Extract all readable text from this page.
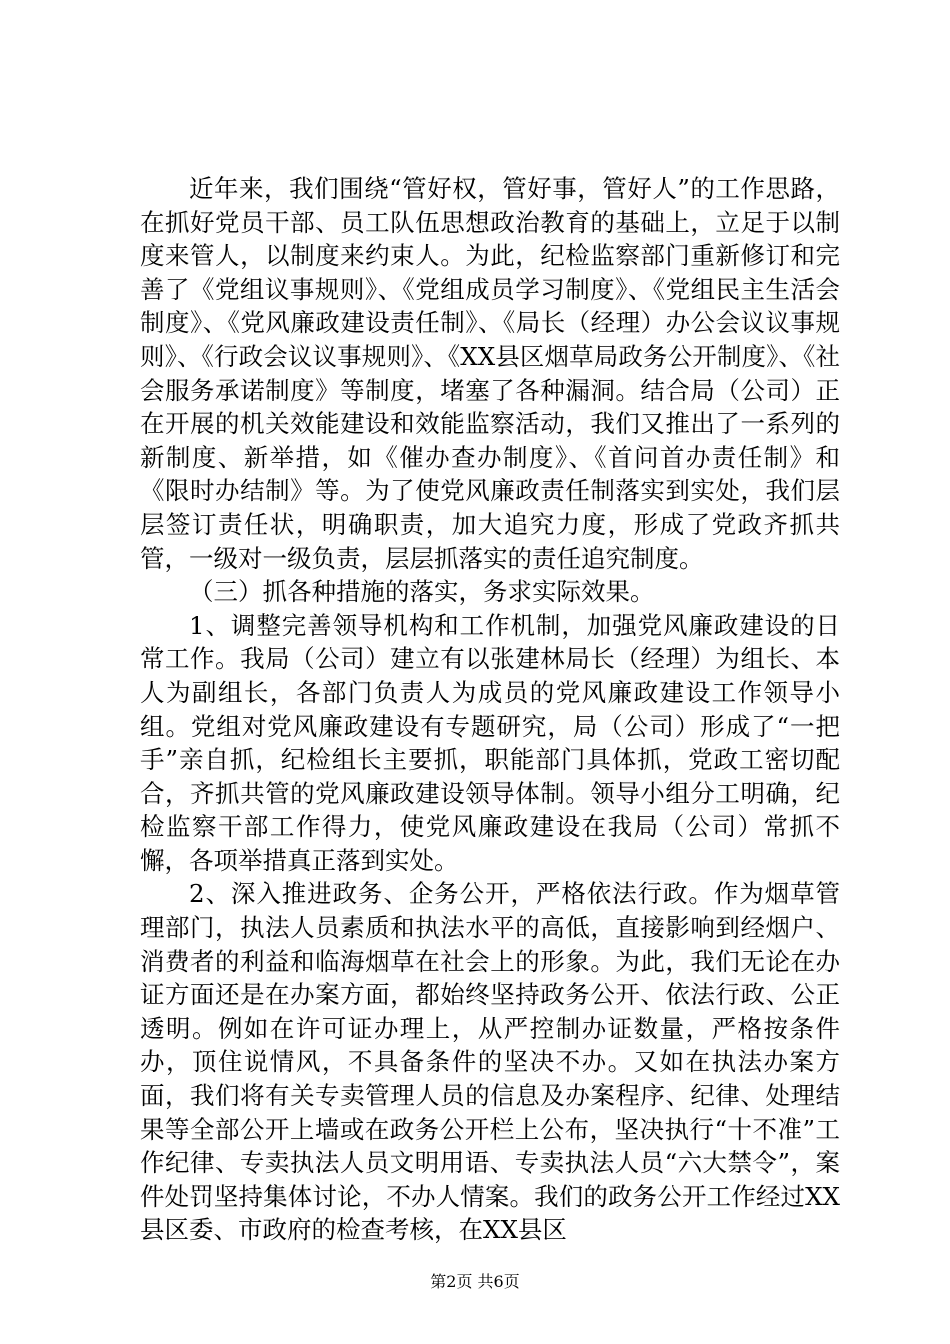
近年来，我们围绕“管好权，管好事，管好人”的工作思路，在抓好党员干部、员工队伍思想政治教育的基础上，立足于以制度来管人，以制度来约束人。为此，纪检监察部门重新修订和完善了《党组议事规则》、《党组成员学习制度》、《党组民主生活会制度》、《党风廉政建设责任制》、《局长（经理）办公会议议事规则》、《行政会议议事规则》、《XX县区烟草局政务公开制度》、《社会服务承诺制度》等制度，堵塞了各种漏洞。结合局（公司）正在开展的机关效能建设和效能监察活动，我们又推出了一系列的新制度、新举措，如《催办查办制度》、《首问首办责任制》和《限时办结制》等。为了使党风廉政责任制落实到实处，我们层层签订责任状，明确职责，加大追究力度，形成了党政齐抓共管，一级对一级负责，层层抓落实的责任追究制度。

（三）抓各种措施的落实，务求实际效果。

1、调整完善领导机构和工作机制，加强党风廉政建设的日常工作。我局（公司）建立有以张建林局长（经理）为组长、本人为副组长，各部门负责人为成员的党风廉政建设工作领导小组。党组对党风廉政建设有专题研究，局（公司）形成了“一把手”亲自抓，纪检组长主要抓，职能部门具体抓，党政工密切配合，齐抓共管的党风廉政建设领导体制。领导小组分工明确，纪检监察干部工作得力，使党风廉政建设在我局（公司）常抓不懈，各项举措真正落到实处。

2、深入推进政务、企务公开，严格依法行政。作为烟草管理部门，执法人员素质和执法水平的高低，直接影响到经烟户、消费者的利益和临海烟草在社会上的形象。为此，我们无论在办证方面还是在办案方面，都始终坚持政务公开、依法行政、公正透明。例如在许可证办理上，从严控制办证数量，严格按条件办，顶住说情风，不具备条件的坚决不办。又如在执法办案方面，我们将有关专卖管理人员的信息及办案程序、纪律、处理结果等全部公开上墙或在政务公开栏上公布，坚决执行“十不准”工作纪律、专卖执法人员文明用语、专卖执法人员“六大禁令”，案件处罚坚持集体讨论，不办人情案。我们的政务公开工作经过XX县区委、市政府的检查考核，在XX县区

第2页 共6页
